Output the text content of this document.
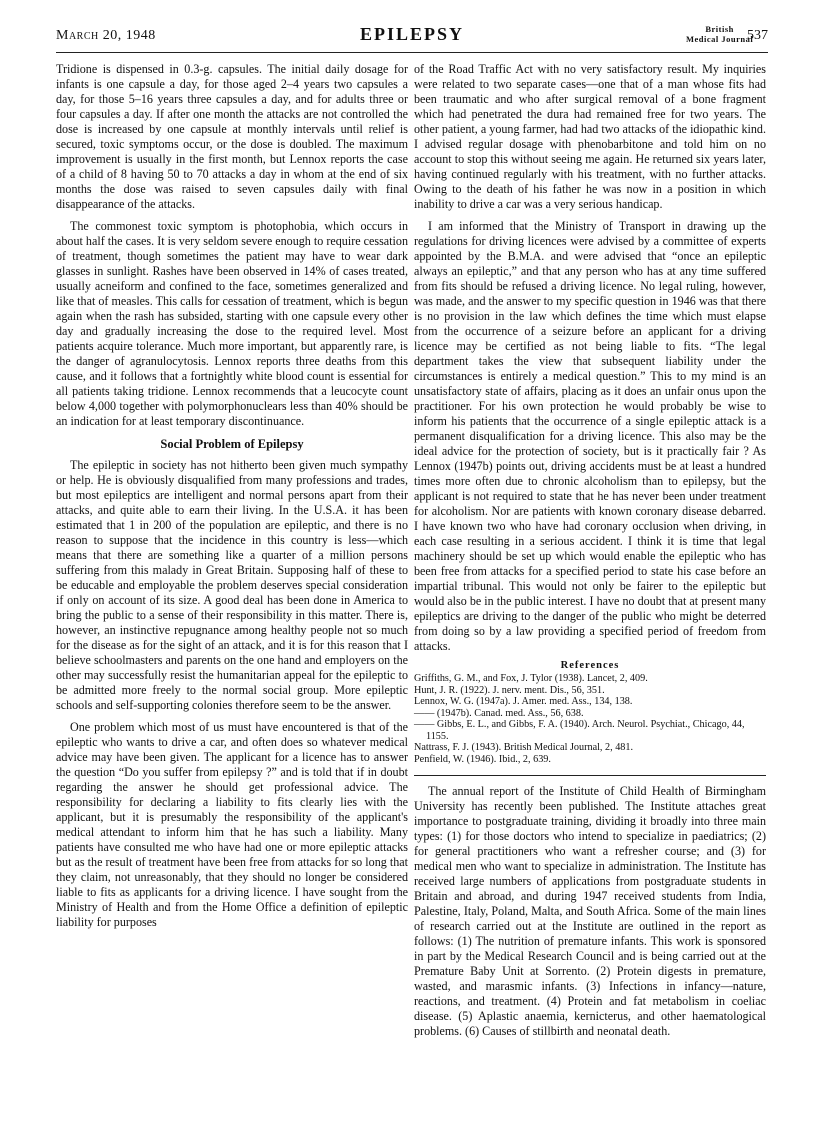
March 20, 1948	EPILEPSY	British
Medical Journal
537

Tridione is dispensed in 0.3-g. capsules. The initial daily dosage for infants is one capsule a day, for those aged 2–4 years two capsules a day, for those 5–16 years three capsules a day, and for adults three or four capsules a day. If after one month the attacks are not controlled the dose is increased by one capsule at monthly intervals until relief is secured, toxic symptoms occur, or the dose is doubled. The maximum improvement is usually in the first month, but Lennox reports the case of a child of 8 having 50 to 70 attacks a day in whom at the end of six months the dose was raised to seven capsules daily with final disappearance of the attacks.

The commonest toxic symptom is photophobia, which occurs in about half the cases. It is very seldom severe enough to require cessation of treatment, though sometimes the patient may have to wear dark glasses in sunlight. Rashes have been observed in 14% of cases treated, usually acneiform and confined to the face, sometimes generalized and like that of measles. This calls for cessation of treatment, which is begun again when the rash has subsided, starting with one capsule every other day and gradually increasing the dose to the required level. Most patients acquire tolerance. Much more important, but apparently rare, is the danger of agranulocytosis. Lennox reports three deaths from this cause, and it follows that a fortnightly white blood count is essential for all patients taking tridione. Lennox recommends that a leucocyte count below 4,000 together with polymorphonuclears less than 40% should be an indication for at least temporary discontinuance.

Social Problem of Epilepsy

The epileptic in society has not hitherto been given much sympathy or help. He is obviously disqualified from many professions and trades, but most epileptics are intelligent and normal persons apart from their attacks, and quite able to earn their living. In the U.S.A. it has been estimated that 1 in 200 of the population are epileptic, and there is no reason to suppose that the incidence in this country is less—which means that there are something like a quarter of a million persons suffering from this malady in Great Britain. Supposing half of these to be educable and employable the problem deserves special consideration if only on account of its size. A good deal has been done in America to bring the public to a sense of their responsibility in this matter. There is, however, an instinctive repugnance among healthy people not so much for the disease as for the sight of an attack, and it is for this reason that I believe schoolmasters and parents on the one hand and employers on the other may successfully resist the humanitarian appeal for the epileptic to be admitted more freely to the normal social group. More epileptic schools and self-supporting colonies therefore seem to be the answer.

One problem which most of us must have encountered is that of the epileptic who wants to drive a car, and often does so whatever medical advice may have been given. The applicant for a licence has to answer the question “Do you suffer from epilepsy ?” and is told that if in doubt regarding the answer he should get professional advice. The responsibility for declaring a liability to fits clearly lies with the applicant, but it is presumably the responsibility of the applicant's medical attendant to inform him that he has such a liability. Many patients have consulted me who have had one or more epileptic attacks but as the result of treatment have been free from attacks for so long that they claim, not unreasonably, that they should no longer be considered liable to fits as applicants for a driving licence. I have sought from the Ministry of Health and from the Home Office a definition of epileptic liability for purposes

of the Road Traffic Act with no very satisfactory result. My inquiries were related to two separate cases—one that of a man whose fits had been traumatic and who after surgical removal of a bone fragment which had penetrated the dura had remained free for two years. The other patient, a young farmer, had had two attacks of the idiopathic kind. I advised regular dosage with phenobarbitone and told him on no account to stop this without seeing me again. He returned six years later, having continued regularly with his treatment, with no further attacks. Owing to the death of his father he was now in a position in which inability to drive a car was a very serious handicap.

I am informed that the Ministry of Transport in drawing up the regulations for driving licences were advised by a committee of experts appointed by the B.M.A. and were advised that “once an epileptic always an epileptic,” and that any person who has at any time suffered from fits should be refused a driving licence. No legal ruling, however, was made, and the answer to my specific question in 1946 was that there is no provision in the law which defines the time which must elapse from the occurrence of a seizure before an applicant for a driving licence may be certified as not being liable to fits. “The legal department takes the view that subsequent liability under the circumstances is entirely a medical question.” This to my mind is an unsatisfactory state of affairs, placing as it does an unfair onus upon the practitioner. For his own protection he would probably be wise to inform his patients that the occurrence of a single epileptic attack is a permanent disqualification for a driving licence. This also may be the ideal advice for the protection of society, but is it practically fair ? As Lennox (1947b) points out, driving accidents must be at least a hundred times more often due to chronic alcoholism than to epilepsy, but the applicant is not required to state that he has never been under treatment for alcoholism. Nor are patients with known coronary disease debarred. I have known two who have had coronary occlusion when driving, in each case resulting in a serious accident. I think it is time that legal machinery should be set up which would enable the epileptic who has been free from attacks for a specified period to state his case before an impartial tribunal. This would not only be fairer to the epileptic but would also be in the public interest. I have no doubt that at present many epileptics are driving to the danger of the public who might be deterred from doing so by a law providing a specified period of freedom from attacks.

References
Griffiths, G. M., and Fox, J. Tylor (1938). Lancet, 2, 409.
Hunt, J. R. (1922). J. nerv. ment. Dis., 56, 351.
Lennox, W. G. (1947a). J. Amer. med. Ass., 134, 138.
—— (1947b). Canad. med. Ass., 56, 638.
—— Gibbs, E. L., and Gibbs, F. A. (1940). Arch. Neurol. Psychiat., Chicago, 44, 1155.
Nattrass, F. J. (1943). British Medical Journal, 2, 481.
Penfield, W. (1946). Ibid., 2, 639.

The annual report of the Institute of Child Health of Birmingham University has recently been published. The Institute attaches great importance to postgraduate training, dividing it broadly into three main types: (1) for those doctors who intend to specialize in paediatrics; (2) for general practitioners who want a refresher course; and (3) for medical men who want to specialize in administration. The Institute has received large numbers of applications from postgraduate students in Britain and abroad, and during 1947 received students from India, Palestine, Italy, Poland, Malta, and South Africa. Some of the main lines of research carried out at the Institute are outlined in the report as follows: (1) The nutrition of premature infants. This work is sponsored in part by the Medical Research Council and is being carried out at the Premature Baby Unit at Sorrento. (2) Protein digests in premature, wasted, and marasmic infants. (3) Infections in infancy—nature, reactions, and treatment. (4) Protein and fat metabolism in coeliac disease. (5) Aplastic anaemia, kernicterus, and other haematological problems. (6) Causes of stillbirth and neonatal death.
